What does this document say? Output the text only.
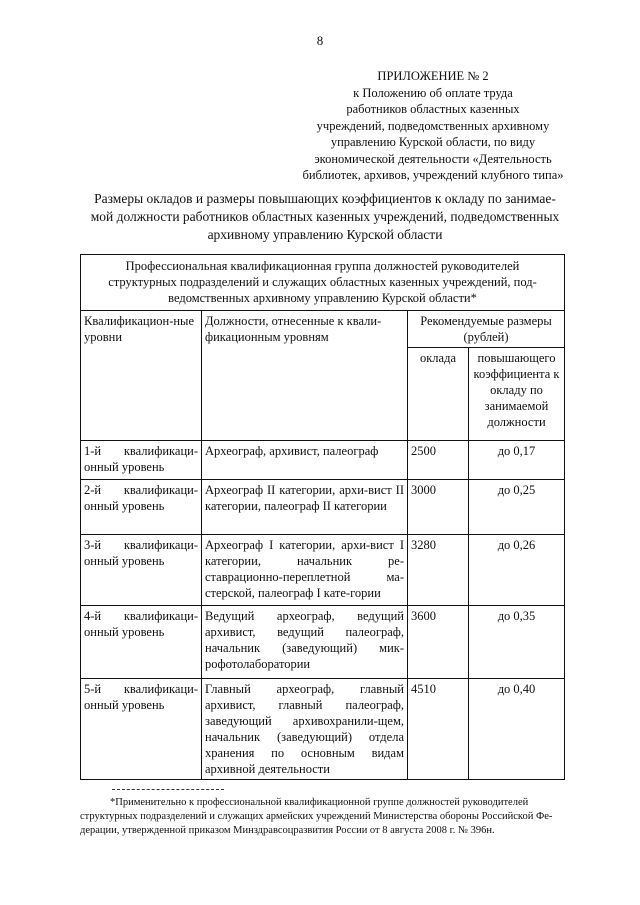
8
ПРИЛОЖЕНИЕ № 2
к Положению об оплате труда
работников областных казенных
учреждений, подведомственных архивному
управлению Курской области, по виду
экономической деятельности «Деятельность
библиотек, архивов, учреждений клубного типа»
Размеры окладов и размеры повышающих коэффициентов к окладу по занимае-
мой должности работников областных казенных учреждений, подведомственных
архивному управлению Курской области
Профессиональная квалификационная группа должностей руководителей
структурных подразделений и служащих областных казенных учреждений, под-
ведомственных архивному управлению Курской области*			

Квалификацион-ные уровни	Должности, отнесенные к квали-фикационным уровням	Рекомендуемые размеры (рублей)	
		оклада	повышающего коэффициента к окладу по занимаемой должности
1-й квалификаци-онный уровень	Археограф, архивист, палеограф	2500	до 0,17
2-й квалификаци-онный уровень	Археограф II категории, архи-вист II категории, палеограф II категории	3000	до 0,25
3-й квалификаци-онный уровень	Археограф I категории, архи-вист I категории, начальник ре-ставрационно-переплетной ма-стерской, палеограф I кате-гории	3280	до 0,26
4-й квалификаци-онный уровень	Ведущий археограф, ведущий архивист, ведущий палеограф, начальник (заведующий) мик-рофотолаборатории	3600	до 0,35
5-й квалификаци-онный уровень	Главный археограф, главный архивист, главный палеограф, заведующий архивохранили-щем, начальник (заведующий) отдела хранения по основным видам архивной деятельности	4510	до 0,40
*Применительно к профессиональной квалификационной группе должностей руководителей
структурных подразделений и служащих армейских учреждений Министерства обороны Российской Фе-
дерации, утвержденной приказом Минздравсоцразвития России от 8 августа 2008 г. № 396н.
